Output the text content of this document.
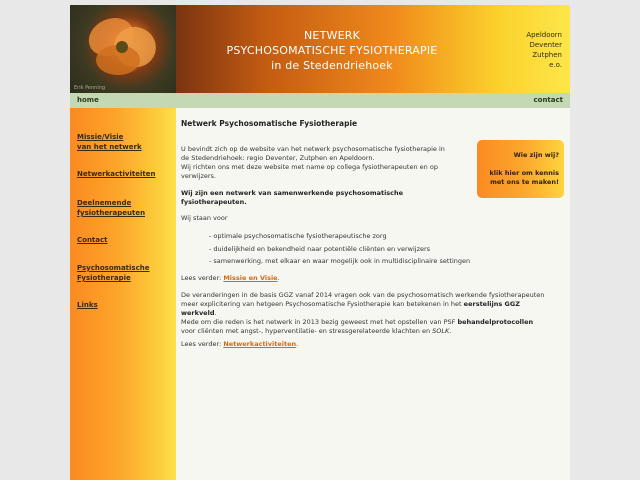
Erik Penning
NETWERK
PSYCHOSOMATISCHE FYSIOTHERAPIE
in de Stedendriehoek
Apeldoorn
Deventer
Zutphen
e.o.
home	contact
Missie/Visie
van het netwerk
Netwerkactiviteiten
Deelnemende
fysiotherapeuten
Contact
Psychosomatische
Fysiotherapie
Links
Netwerk Psychosomatische Fysiotherapie
U bevindt zich op de website van het netwerk psychosomatische fysiotherapie in
de Stedendriehoek: regio Deventer, Zutphen en Apeldoorn.
Wij richten ons met deze website met name op collega fysiotherapeuten en op
verwijzers.
Wij zijn een netwerk van samenwerkende psychosomatische
fysiotherapeuten.
Wij staan voor
- optimale psychosomatische fysiotherapeutische zorg
- duidelijkheid en bekendheid naar potentiële cliënten en verwijzers
- samenwerking, met elkaar en waar mogelijk ook in multidisciplinaire settingen
Lees verder: Missie en Visie.
De veranderingen in de basis GGZ vanaf 2014 vragen ook van de psychosomatisch werkende fysiotherapeuten
meer explicitering van hetgeen Psychosomatische Fysiotherapie kan betekenen in het eerstelijns GGZ
werkveld.
Mede om die reden is het netwerk in 2013 bezig geweest met het opstellen van PSF behandelprotocollen
voor cliënten met angst-, hyperventilatie- en stressgerelateerde klachten en SOLK.
Lees verder: Netwerkactiviteiten.
Wie zijn wij?
klik hier om kennis
met ons te maken!
